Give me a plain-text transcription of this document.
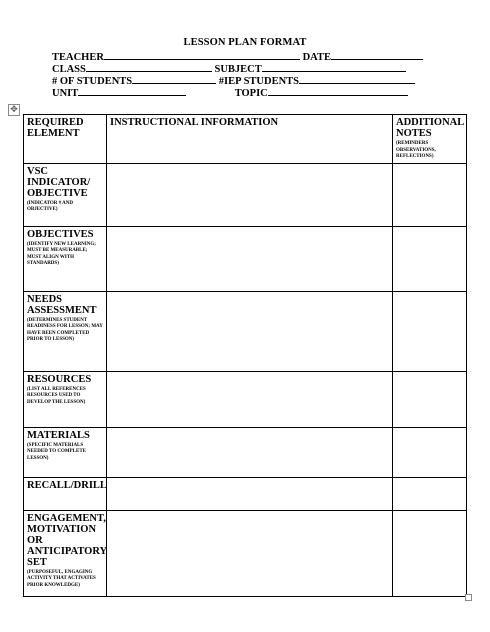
LESSON PLAN FORMAT
TEACHER	DATE
CLASS	SUBJECT
# OF STUDENTS	#IEP STUDENTS
UNIT	TOPIC
✥
REQUIRED ELEMENT	INSTRUCTIONAL INFORMATION	ADDITIONAL NOTES
(REMINDERS OBSERVATIONS, REFLECTIONS)

VSC INDICATOR/ OBJECTIVE
(INDICATOR # AND OBJECTIVE)		

OBJECTIVES
(IDENTIFY NEW LEARNING; MUST BE MEASURABLE; MUST ALIGN WITH STANDARDS)		

NEEDS ASSESSMENT
(DETERMINES STUDENT READINESS FOR LESSON; MAY HAVE BEEN COMPLETED PRIOR TO LESSON)		

RESOURCES
(LIST ALL REFERENCES RESOURCES USED TO DEVELOP THE LESSON)		

MATERIALS
(SPECIFIC MATERIALS NEEDED TO COMPLETE LESSON)		

RECALL/DRILL		

ENGAGEMENT, MOTIVATION OR ANTICIPATORY SET
(PURPOSEFUL, ENGAGING ACTIVITY THAT ACTIVATES PRIOR KNOWLEDGE)		
